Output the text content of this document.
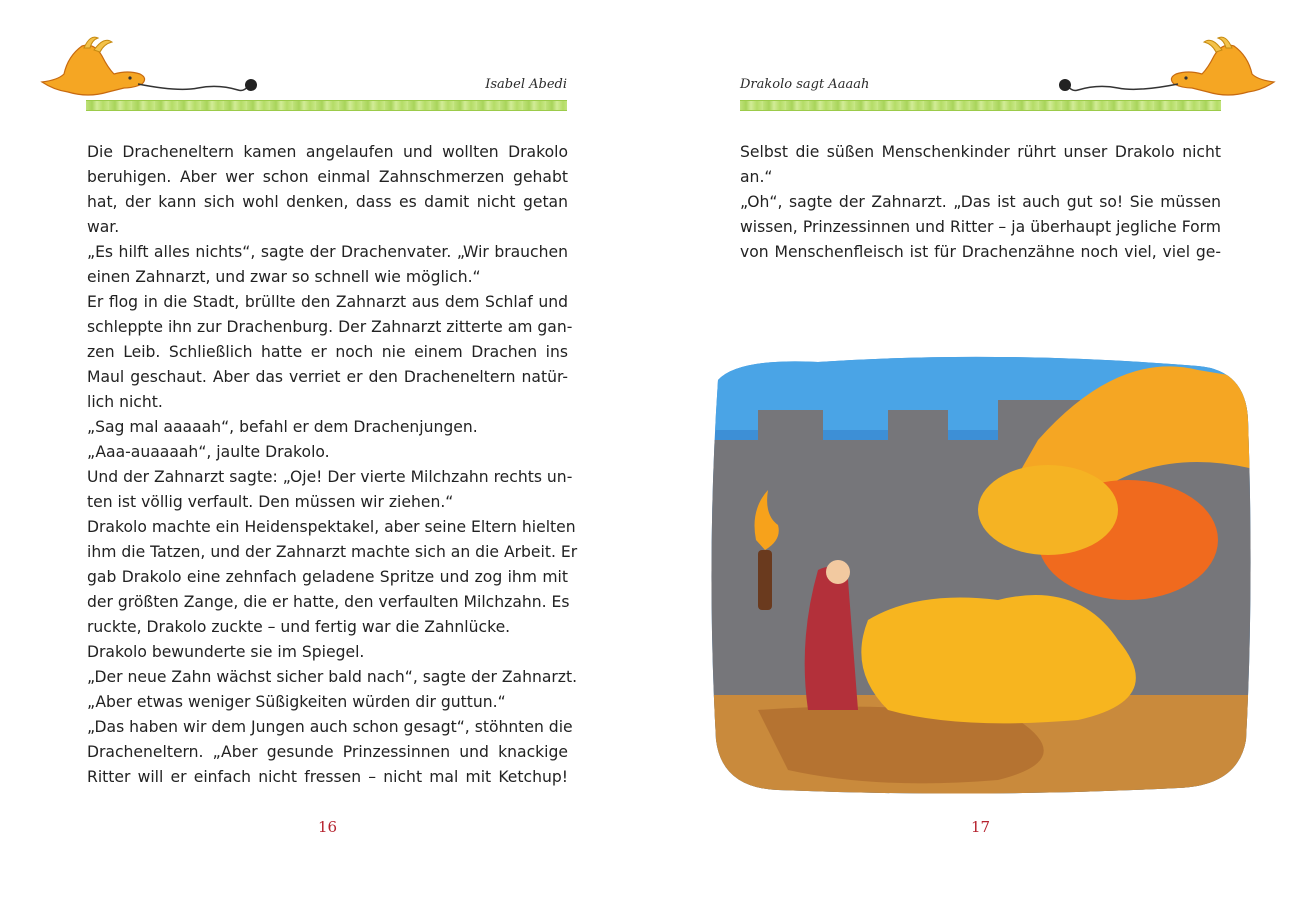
Isabel Abedi
Die Dracheneltern kamen angelaufen und wollten Drakolo
beruhigen. Aber wer schon einmal Zahnschmerzen gehabt
hat, der kann sich wohl denken, dass es damit nicht getan
war.
„Es hilft alles nichts“, sagte der Drachenvater. „Wir brauchen
einen Zahnarzt, und zwar so schnell wie möglich.“
Er flog in die Stadt, brüllte den Zahnarzt aus dem Schlaf und
schleppte ihn zur Drachenburg. Der Zahnarzt zitterte am gan-
zen Leib. Schließlich hatte er noch nie einem Drachen ins
Maul geschaut. Aber das verriet er den Dracheneltern natür-
lich nicht.
„Sag mal aaaaah“, befahl er dem Drachenjungen.
„Aaa-auaaaah“, jaulte Drakolo.
Und der Zahnarzt sagte: „Oje! Der vierte Milchzahn rechts un-
ten ist völlig verfault. Den müssen wir ziehen.“
Drakolo machte ein Heidenspektakel, aber seine Eltern hielten
ihm die Tatzen, und der Zahnarzt machte sich an die Arbeit. Er
gab Drakolo eine zehnfach geladene Spritze und zog ihm mit
der größten Zange, die er hatte, den verfaulten Milchzahn. Es
ruckte, Drakolo zuckte – und fertig war die Zahnlücke.
Drakolo bewunderte sie im Spiegel.
„Der neue Zahn wächst sicher bald nach“, sagte der Zahnarzt.
„Aber etwas weniger Süßigkeiten würden dir guttun.“
„Das haben wir dem Jungen auch schon gesagt“, stöhnten die
Dracheneltern. „Aber gesunde Prinzessinnen und knackige
Ritter will er einfach nicht fressen – nicht mal mit Ketchup!
16
Drakolo sagt Aaaah
Selbst die süßen Menschenkinder rührt unser Drakolo nicht
an.“
„Oh“, sagte der Zahnarzt. „Das ist auch gut so! Sie müssen
wissen, Prinzessinnen und Ritter – ja überhaupt jegliche Form
von Menschenfleisch ist für Drachenzähne noch viel, viel ge-
17
